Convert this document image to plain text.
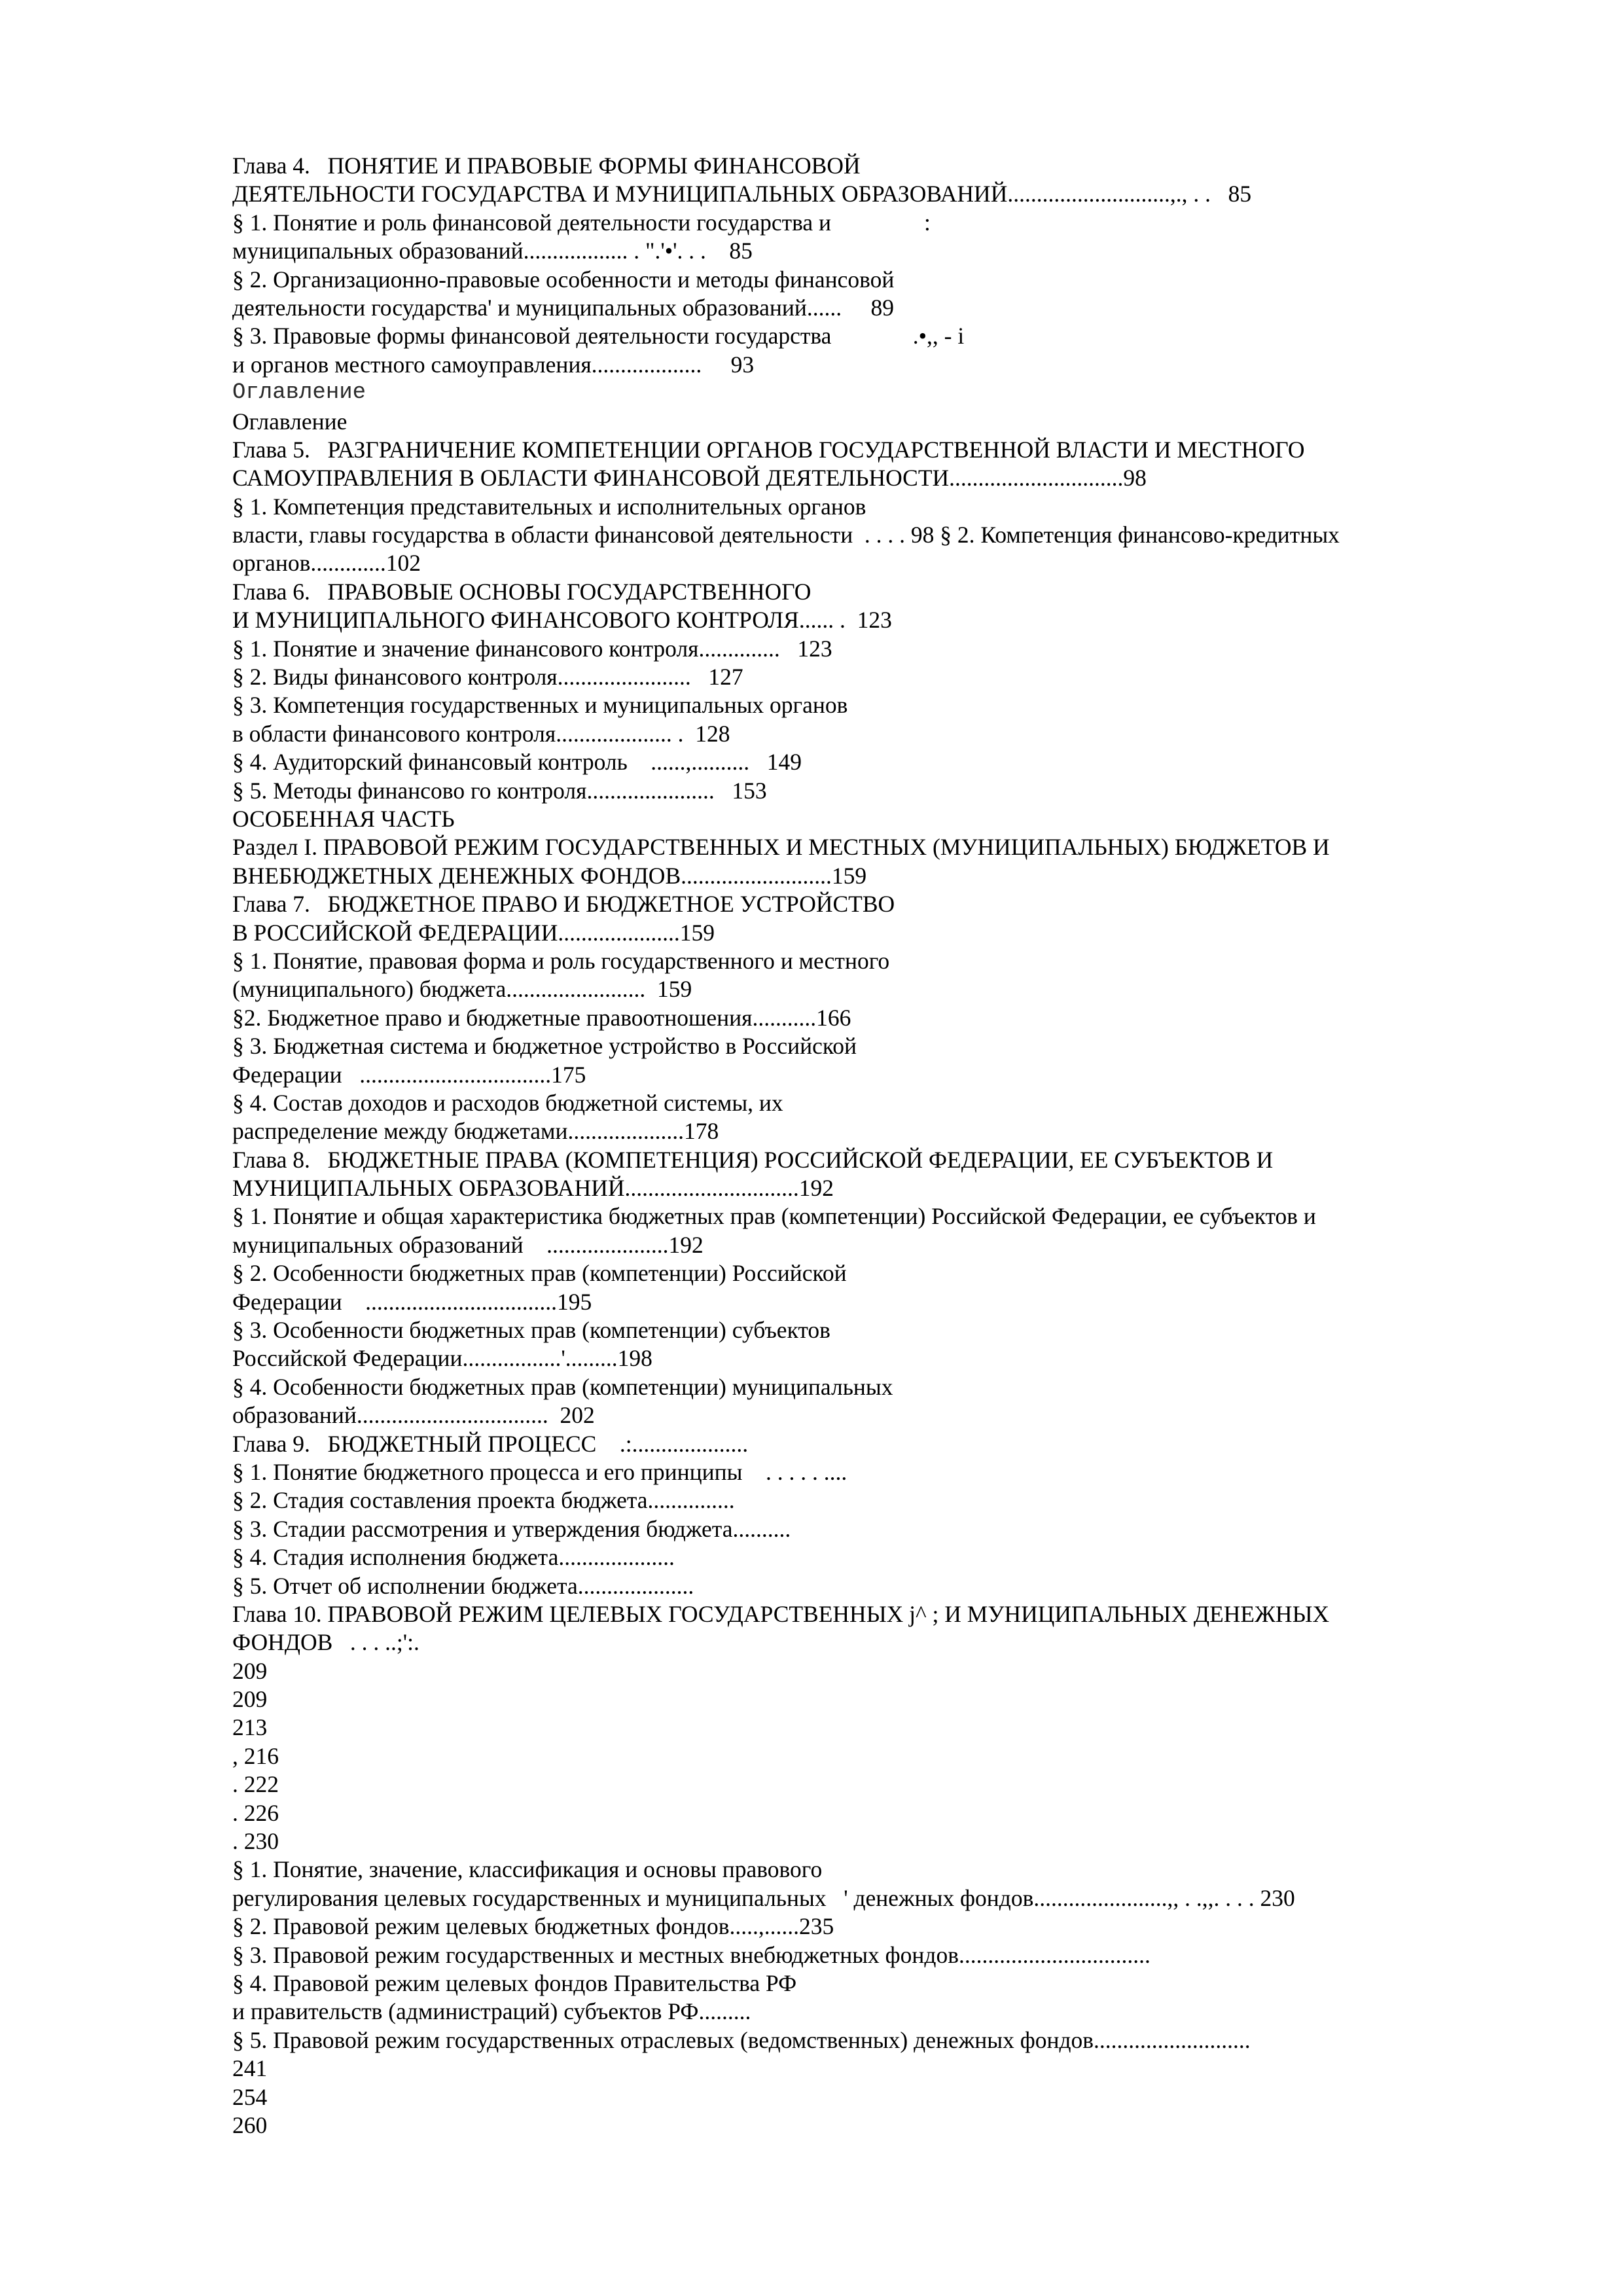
Глава 4.   ПОНЯТИЕ И ПРАВОВЫЕ ФОРМЫ ФИНАНСОВОЙ
ДЕЯТЕЛЬНОСТИ ГОСУДАРСТВА И МУНИЦИПАЛЬНЫХ ОБРАЗОВАНИЙ............................,., . .   85
§ 1. Понятие и роль финансовой деятельности государства и                :
муниципальных образований.................. . ".'•'. . .    85
§ 2. Организационно-правовые особенности и методы финансовой
деятельности государства' и муниципальных образований......     89
§ 3. Правовые формы финансовой деятельности государства              .•,, - i
и органов местного самоуправления...................     93
Оглавление
Оглавление
Глава 5.   РАЗГРАНИЧЕНИЕ КОМПЕТЕНЦИИ ОРГАНОВ ГОСУДАРСТВЕННОЙ ВЛАСТИ И МЕСТНОГО
САМОУПРАВЛЕНИЯ В ОБЛАСТИ ФИНАНСОВОЙ ДЕЯТЕЛЬНОСТИ..............................98
§ 1. Компетенция представительных и исполнительных органов
власти, главы государства в области финансовой деятельности  . . . . 98 § 2. Компетенция финансово-кредитных
органов.............102
Глава 6.   ПРАВОВЫЕ ОСНОВЫ ГОСУДАРСТВЕННОГО
И МУНИЦИПАЛЬНОГО ФИНАНСОВОГО КОНТРОЛЯ...... .  123
§ 1. Понятие и значение финансового контроля..............   123
§ 2. Виды финансового контроля.......................   127
§ 3. Компетенция государственных и муниципальных органов
в области финансового контроля.................... .  128
§ 4. Аудиторский финансовый контроль    ......,..........   149
§ 5. Методы финансово го контроля......................   153
ОСОБЕННАЯ ЧАСТЬ
Раздел I. ПРАВОВОЙ РЕЖИМ ГОСУДАРСТВЕННЫХ И МЕСТНЫХ (МУНИЦИПАЛЬНЫХ) БЮДЖЕТОВ И
ВНЕБЮДЖЕТНЫХ ДЕНЕЖНЫХ ФОНДОВ..........................159
Глава 7.   БЮДЖЕТНОЕ ПРАВО И БЮДЖЕТНОЕ УСТРОЙСТВО
В РОССИЙСКОЙ ФЕДЕРАЦИИ.....................159
§ 1. Понятие, правовая форма и роль государственного и местного
(муниципального) бюджета........................  159
§2. Бюджетное право и бюджетные правоотношения...........166
§ 3. Бюджетная система и бюджетное устройство в Российской
Федерации   .................................175
§ 4. Состав доходов и расходов бюджетной системы, их
распределение между бюджетами....................178
Глава 8.   БЮДЖЕТНЫЕ ПРАВА (КОМПЕТЕНЦИЯ) РОССИЙСКОЙ ФЕДЕРАЦИИ, ЕЕ СУБЪЕКТОВ И
МУНИЦИПАЛЬНЫХ ОБРАЗОВАНИЙ..............................192
§ 1. Понятие и общая характеристика бюджетных прав (компетенции) Российской Федерации, ее субъектов и
муниципальных образований    .....................192
§ 2. Особенности бюджетных прав (компетенции) Российской
Федерации    .................................195
§ 3. Особенности бюджетных прав (компетенции) субъектов
Российской Федерации.................'.........198
§ 4. Особенности бюджетных прав (компетенции) муниципальных
образований.................................  202
Глава 9.   БЮДЖЕТНЫЙ ПРОЦЕСС    .:....................
§ 1. Понятие бюджетного процесса и его принципы    . . . . . ....
§ 2. Стадия составления проекта бюджета...............
§ 3. Стадии рассмотрения и утверждения бюджета..........
§ 4. Стадия исполнения бюджета....................
§ 5. Отчет об исполнении бюджета....................
Глава 10. ПРАВОВОЙ РЕЖИМ ЦЕЛЕВЫХ ГОСУДАРСТВЕННЫХ j^ ; И МУНИЦИПАЛЬНЫХ ДЕНЕЖНЫХ
ФОНДОВ   . . . ..;':.
209
209
213
, 216
. 222
. 226
. 230
§ 1. Понятие, значение, классификация и основы правового
регулирования целевых государственных и муниципальных   ' денежных фондов.......................,, . .,,. . . . 230
§ 2. Правовой режим целевых бюджетных фондов.....,......235
§ 3. Правовой режим государственных и местных внебюджетных фондов.................................
§ 4. Правовой режим целевых фондов Правительства РФ
и правительств (администраций) субъектов РФ.........
§ 5. Правовой режим государственных отраслевых (ведомственных) денежных фондов...........................
241
254
260
